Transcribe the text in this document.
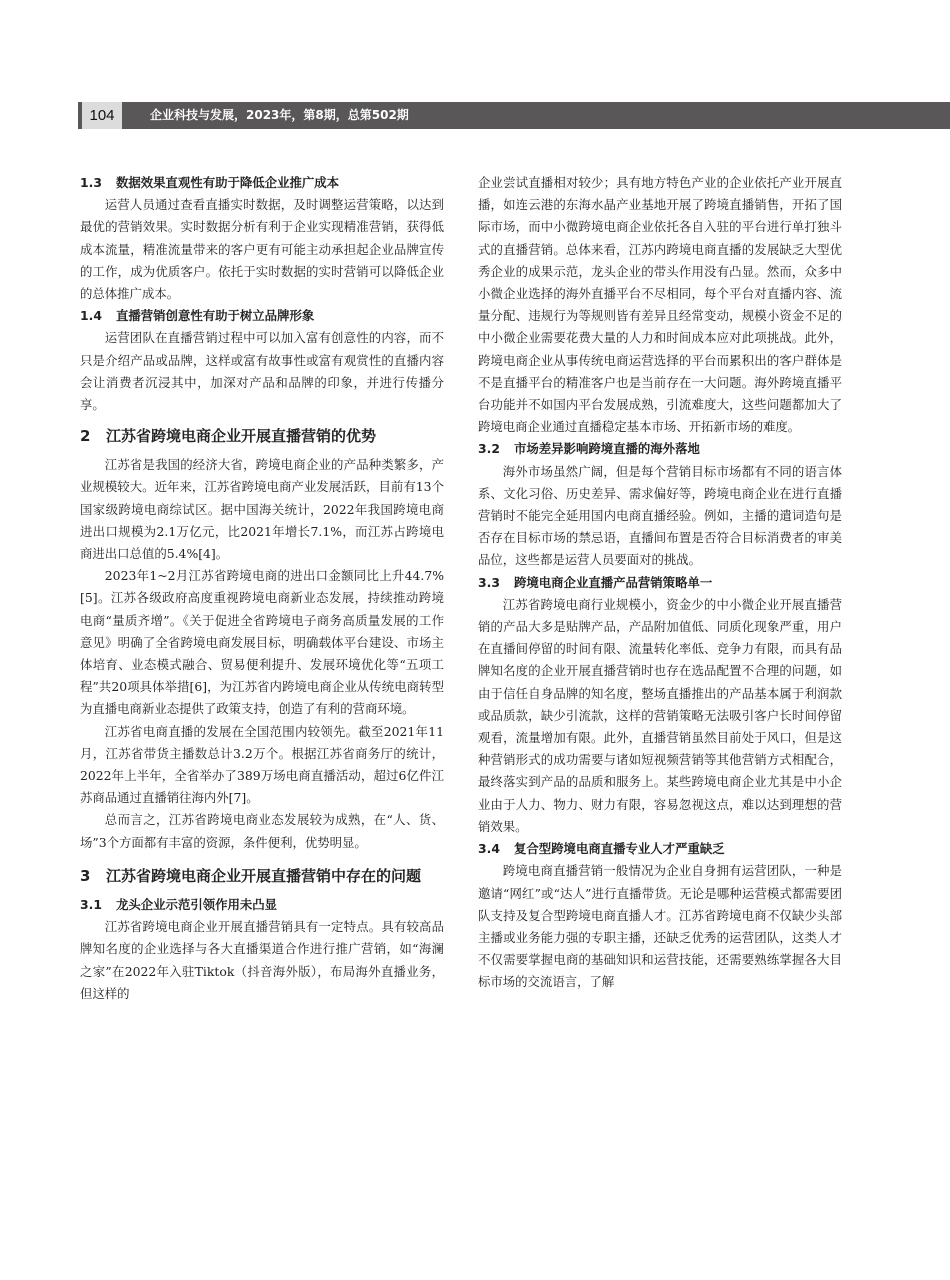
104	企业科技与发展，2023年，第8期，总第502期
1.3 数据效果直观性有助于降低企业推广成本

运营人员通过查看直播实时数据，及时调整运营策略，以达到最优的营销效果。实时数据分析有利于企业实现精准营销，获得低成本流量，精准流量带来的客户更有可能主动承担起企业品牌宣传的工作，成为优质客户。依托于实时数据的实时营销可以降低企业的总体推广成本。

1.4 直播营销创意性有助于树立品牌形象

运营团队在直播营销过程中可以加入富有创意性的内容，而不只是介绍产品或品牌，这样或富有故事性或富有观赏性的直播内容会让消费者沉浸其中，加深对产品和品牌的印象，并进行传播分享。

2 江苏省跨境电商企业开展直播营销的优势

江苏省是我国的经济大省，跨境电商企业的产品种类繁多，产业规模较大。近年来，江苏省跨境电商产业发展活跃，目前有13个国家级跨境电商综试区。据中国海关统计，2022年我国跨境电商进出口规模为2.1万亿元，比2021年增长7.1%，而江苏占跨境电商进出口总值的5.4%[4]。

2023年1~2月江苏省跨境电商的进出口金额同比上升44.7%[5]。江苏各级政府高度重视跨境电商新业态发展，持续推动跨境电商“量质齐增”。《关于促进全省跨境电子商务高质量发展的工作意见》明确了全省跨境电商发展目标，明确载体平台建设、市场主体培育、业态模式融合、贸易便利提升、发展环境优化等“五项工程”共20项具体举措[6]，为江苏省内跨境电商企业从传统电商转型为直播电商新业态提供了政策支持，创造了有利的营商环境。

江苏省电商直播的发展在全国范围内较领先。截至2021年11月，江苏省带货主播数总计3.2万个。根据江苏省商务厅的统计，2022年上半年，全省举办了389万场电商直播活动，超过6亿件江苏商品通过直播销往海内外[7]。

总而言之，江苏省跨境电商业态发展较为成熟，在“人、货、场”3个方面都有丰富的资源，条件便利，优势明显。

3 江苏省跨境电商企业开展直播营销中存在的问题
3.1 龙头企业示范引领作用未凸显

江苏省跨境电商企业开展直播营销具有一定特点。具有较高品牌知名度的企业选择与各大直播渠道合作进行推广营销，如“海澜之家”在2022年入驻Tiktok（抖音海外版），布局海外直播业务，但这样的

企业尝试直播相对较少；具有地方特色产业的企业依托产业开展直播，如连云港的东海水晶产业基地开展了跨境直播销售，开拓了国际市场，而中小微跨境电商企业依托各自入驻的平台进行单打独斗式的直播营销。总体来看，江苏内跨境电商直播的发展缺乏大型优秀企业的成果示范，龙头企业的带头作用没有凸显。然而，众多中小微企业选择的海外直播平台不尽相同，每个平台对直播内容、流量分配、违规行为等规则皆有差异且经常变动，规模小资金不足的中小微企业需要花费大量的人力和时间成本应对此项挑战。此外，跨境电商企业从事传统电商运营选择的平台而累积出的客户群体是不是直播平台的精准客户也是当前存在一大问题。海外跨境直播平台功能并不如国内平台发展成熟，引流难度大，这些问题都加大了跨境电商企业通过直播稳定基本市场、开拓新市场的难度。

3.2 市场差异影响跨境直播的海外落地

海外市场虽然广阔，但是每个营销目标市场都有不同的语言体系、文化习俗、历史差异、需求偏好等，跨境电商企业在进行直播营销时不能完全延用国内电商直播经验。例如，主播的遣词造句是否存在目标市场的禁忌语，直播间布置是否符合目标消费者的审美品位，这些都是运营人员要面对的挑战。

3.3 跨境电商企业直播产品营销策略单一

江苏省跨境电商行业规模小，资金少的中小微企业开展直播营销的产品大多是贴牌产品，产品附加值低、同质化现象严重，用户在直播间停留的时间有限、流量转化率低、竞争力有限，而具有品牌知名度的企业开展直播营销时也存在选品配置不合理的问题，如由于信任自身品牌的知名度，整场直播推出的产品基本属于利润款或品质款，缺少引流款，这样的营销策略无法吸引客户长时间停留观看，流量增加有限。此外，直播营销虽然目前处于风口，但是这种营销形式的成功需要与诸如短视频营销等其他营销方式相配合，最终落实到产品的品质和服务上。某些跨境电商企业尤其是中小企业由于人力、物力、财力有限，容易忽视这点，难以达到理想的营销效果。

3.4 复合型跨境电商直播专业人才严重缺乏

跨境电商直播营销一般情况为企业自身拥有运营团队，一种是邀请“网红”或“达人”进行直播带货。无论是哪种运营模式都需要团队支持及复合型跨境电商直播人才。江苏省跨境电商不仅缺少头部主播或业务能力强的专职主播，还缺乏优秀的运营团队，这类人才不仅需要掌握电商的基础知识和运营技能，还需要熟练掌握各大目标市场的交流语言，了解
